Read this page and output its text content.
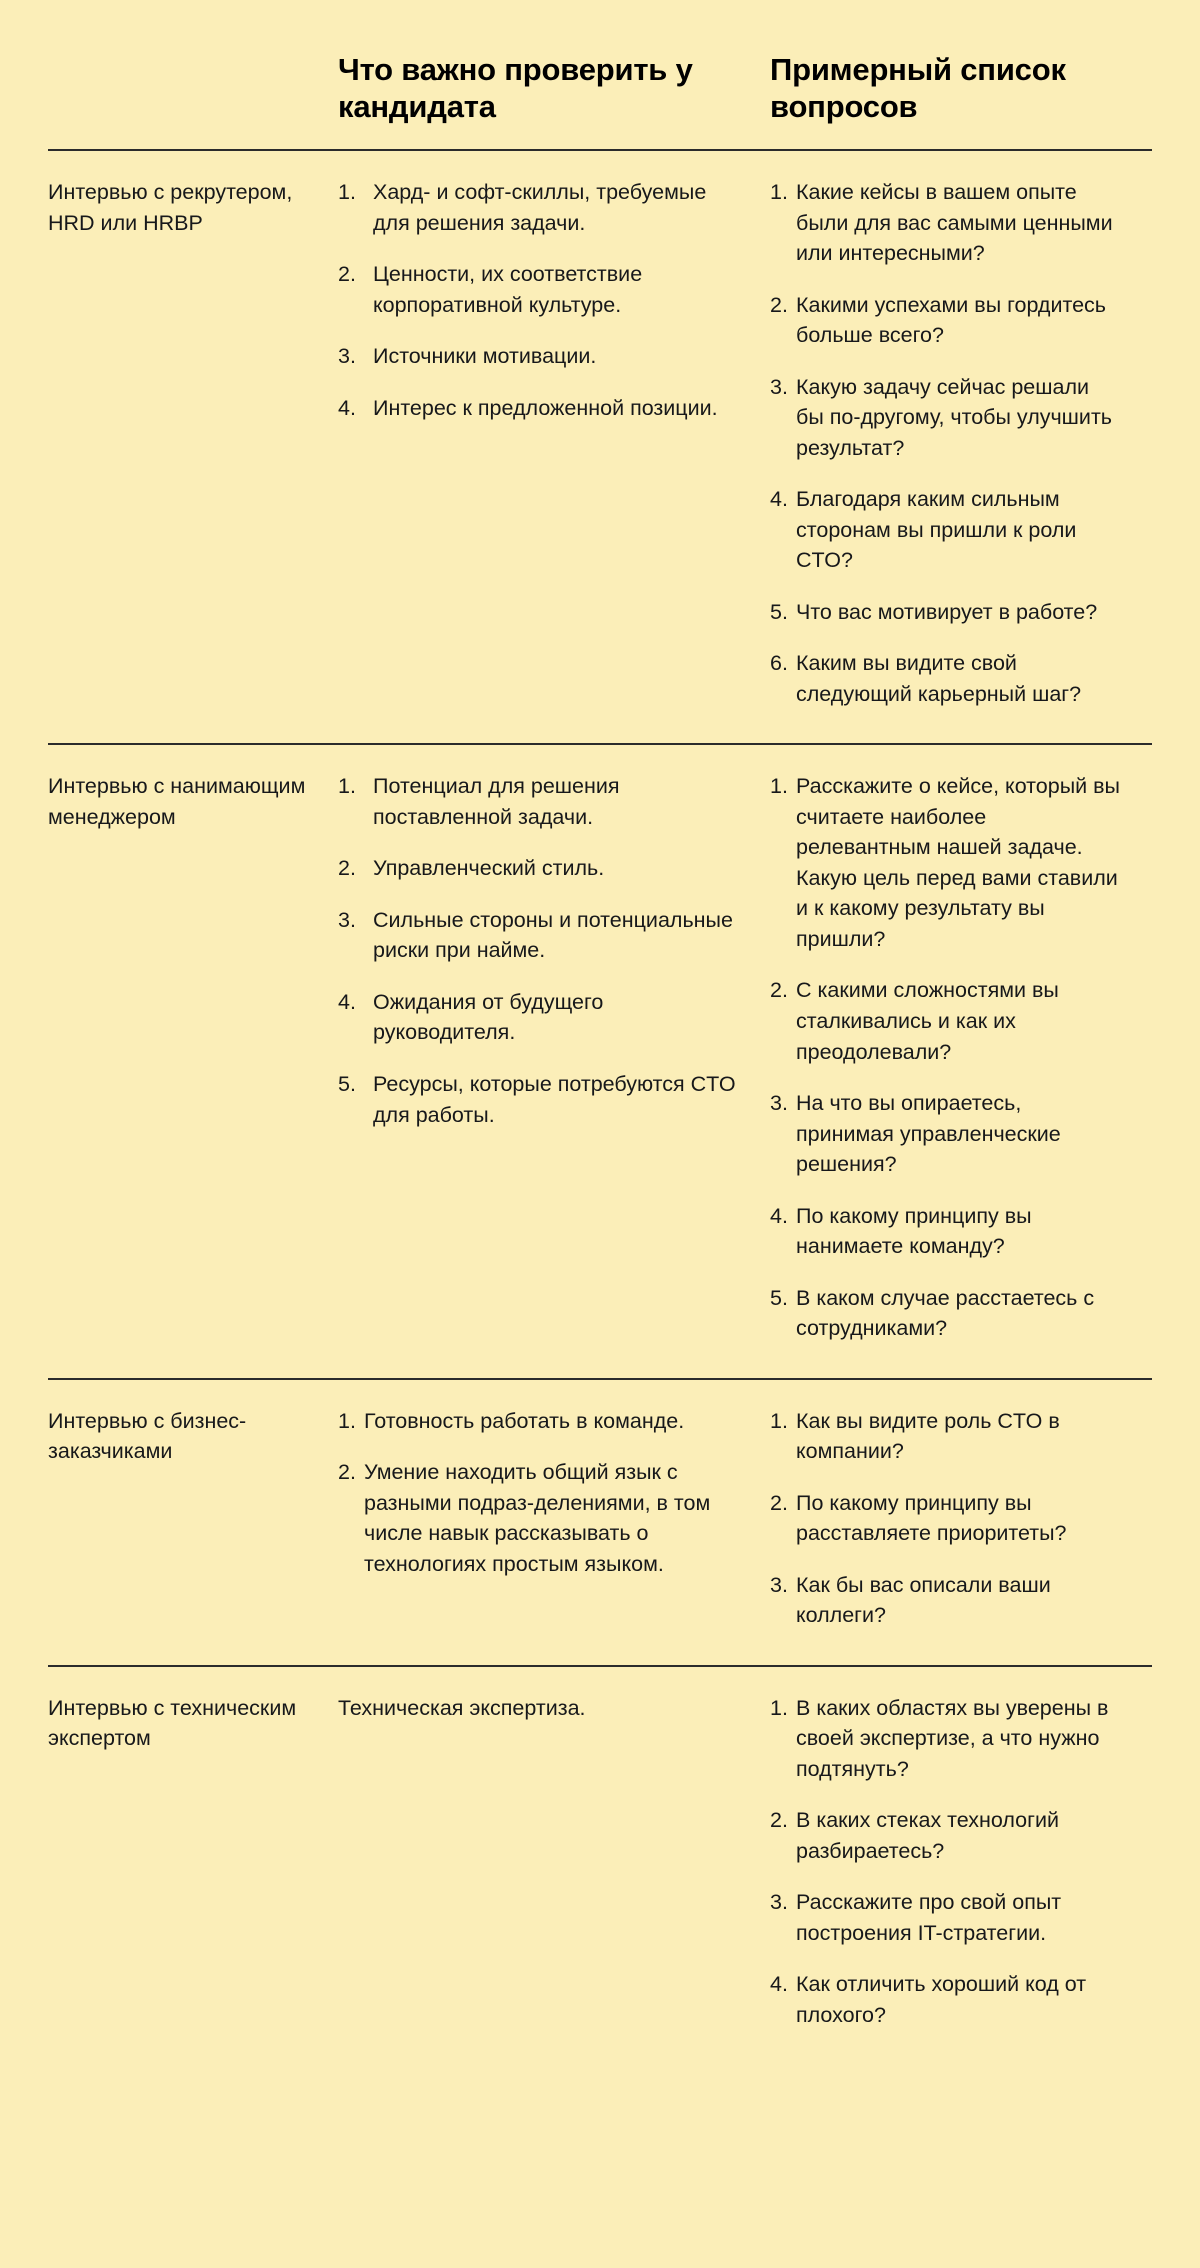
Что важно проверить у кандидата
Примерный список вопросов
Интервью с рекрутером, HRD или HRBP
Хард- и софт-скиллы, требуемые для решения задачи.
Ценности, их соответствие корпоративной культуре.
Источники мотивации.
Интерес к предложенной позиции.
Какие кейсы в вашем опыте были для вас самыми ценными или интересными?
Какими успехами вы гордитесь больше всего?
Какую задачу сейчас решали бы по-другому, чтобы улучшить результат?
Благодаря каким сильным сторонам вы пришли к роли CTO?
Что вас мотивирует в работе?
Каким вы видите свой следующий карьерный шаг?
Интервью с нанимающим менеджером
Потенциал для решения поставленной задачи.
Управленческий стиль.
Сильные стороны и потенциальные риски при найме.
Ожидания от будущего руководителя.
Ресурсы, которые потребуются CTO для работы.
Расскажите о кейсе, который вы считаете наиболее релевантным нашей задаче. Какую цель перед вами ставили и к какому результату вы пришли?
С какими сложностями вы сталкивались и как их преодолевали?
На что вы опираетесь, принимая управленческие решения?
По какому принципу вы нанимаете команду?
В каком случае расстаетесь с сотрудниками?
Интервью с бизнес-заказчиками
Готовность работать в команде.
Умение находить общий язык с разными подраз-делениями, в том числе навык рассказывать о технологиях простым языком.
Как вы видите роль CTO в компании?
По какому принципу вы расставляете приоритеты?
Как бы вас описали ваши коллеги?
Интервью с техническим экспертом
Техническая экспертиза.	В каких областях вы уверены в своей экспертизе, а что нужно подтянуть?
В каких стеках технологий разбираетесь?
Расскажите про свой опыт построения IT-стратегии.
Как отличить хороший код от плохого?
